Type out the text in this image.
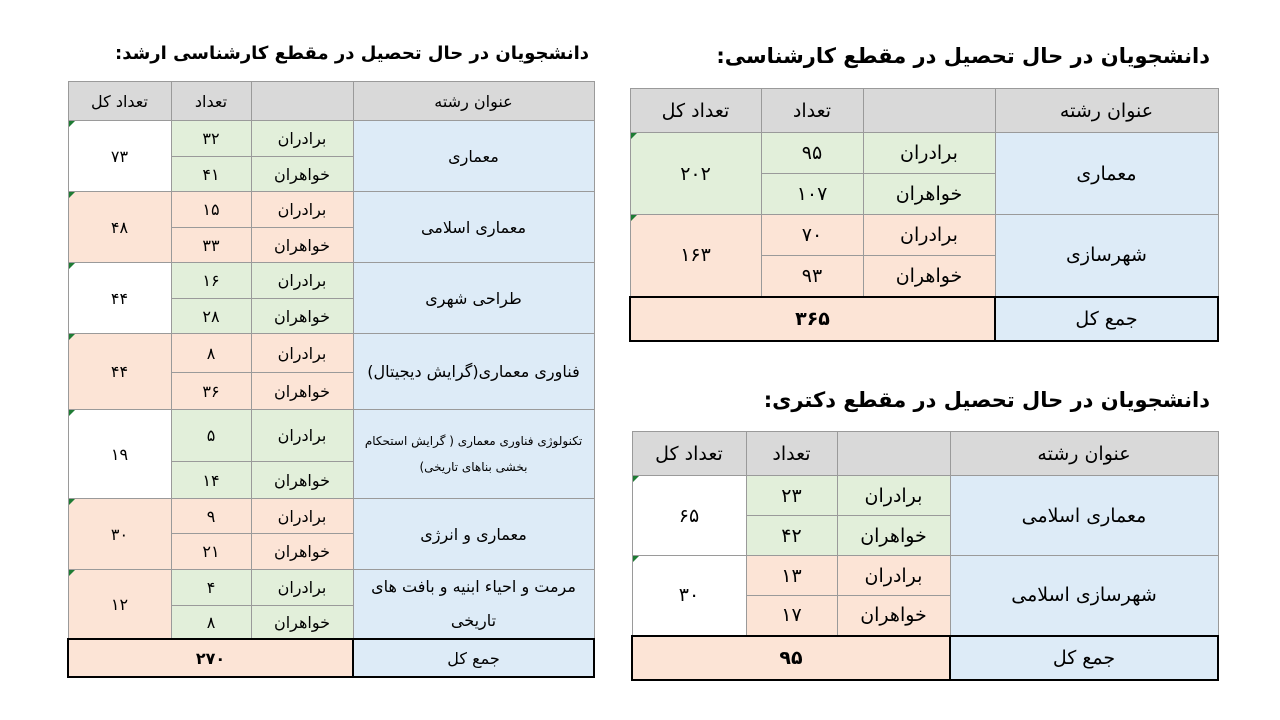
دانشجویان در حال تحصیل در مقطع کارشناسی:
عنوان رشته		تعداد	تعداد کل
معماری	برادران	۹۵	۲۰۲
	خواهران	۱۰۷	
شهرسازی	برادران	۷۰	۱۶۳
	خواهران	۹۳	
جمع کل	۳۶۵		
دانشجویان در حال تحصیل در مقطع دکتری:
عنوان رشته		تعداد	تعداد کل
معماری اسلامی	برادران	۲۳	۶۵
	خواهران	۴۲	
شهرسازی اسلامی	برادران	۱۳	۳۰
	خواهران	۱۷	
جمع کل	۹۵		
دانشجویان در حال تحصیل در مقطع کارشناسی ارشد:
عنوان رشته		تعداد	تعداد کل
معماری	برادران	۳۲	۷۳
	خواهران	۴۱	
معماری اسلامی	برادران	۱۵	۴۸
	خواهران	۳۳	
طراحی شهری	برادران	۱۶	۴۴
	خواهران	۲۸	
فناوری معماری(گرایش دیجیتال)	برادران	۸	۴۴
	خواهران	۳۶	
تکنولوژی فناوری معماری ( گرایش استحکام بخشی بناهای تاریخی)	برادران	۵	۱۹
	خواهران	۱۴	
معماری و انرژی	برادران	۹	۳۰
	خواهران	۲۱	
مرمت و احیاء ابنیه و بافت های تاریخی	برادران	۴	۱۲
	خواهران	۸	
جمع کل	۲۷۰		
